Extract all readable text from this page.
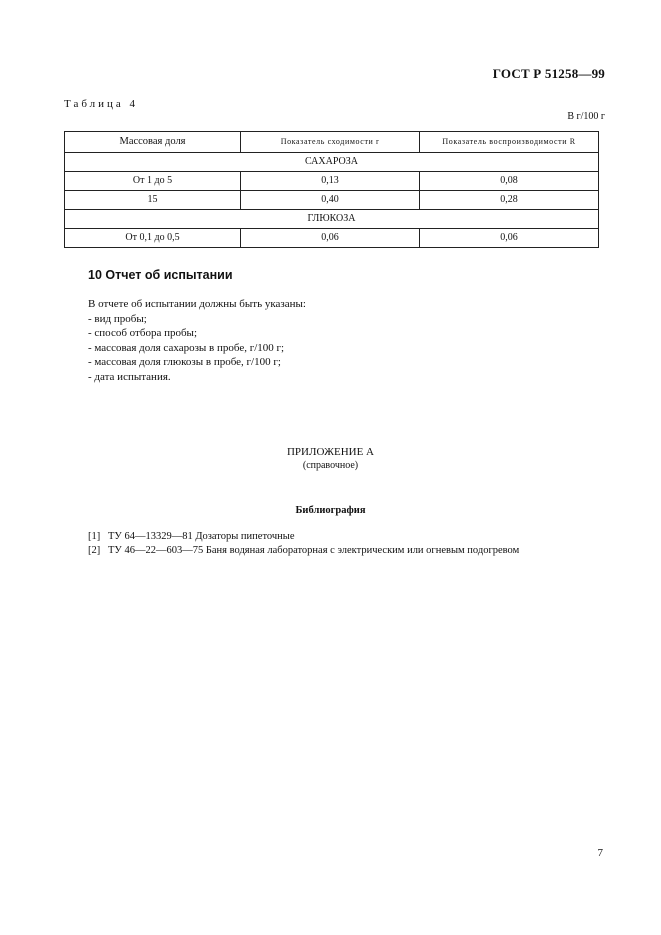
ГОСТ Р 51258—99
Таблица 4
В г/100 г
Массовая доля	Показатель сходимости r	Показатель воспроизводимости R
САХАРОЗА		
От 1 до 5	0,13	0,08
15	0,40	0,28
ГЛЮКОЗА		
От 0,1 до 0,5	0,06	0,06
10 Отчет об испытании
В отчете об испытании должны быть указаны:
- вид пробы;
- способ отбора пробы;
- массовая доля сахарозы в пробе, г/100 г;
- массовая доля глюкозы в пробе, г/100 г;
- дата испытания.
ПРИЛОЖЕНИЕ А
(справочное)
Библиография
[1] ТУ 64—13329—81 Дозаторы пипеточные
[2] ТУ 46—22—603—75 Баня водяная лабораторная с электрическим или огневым подогревом
7
